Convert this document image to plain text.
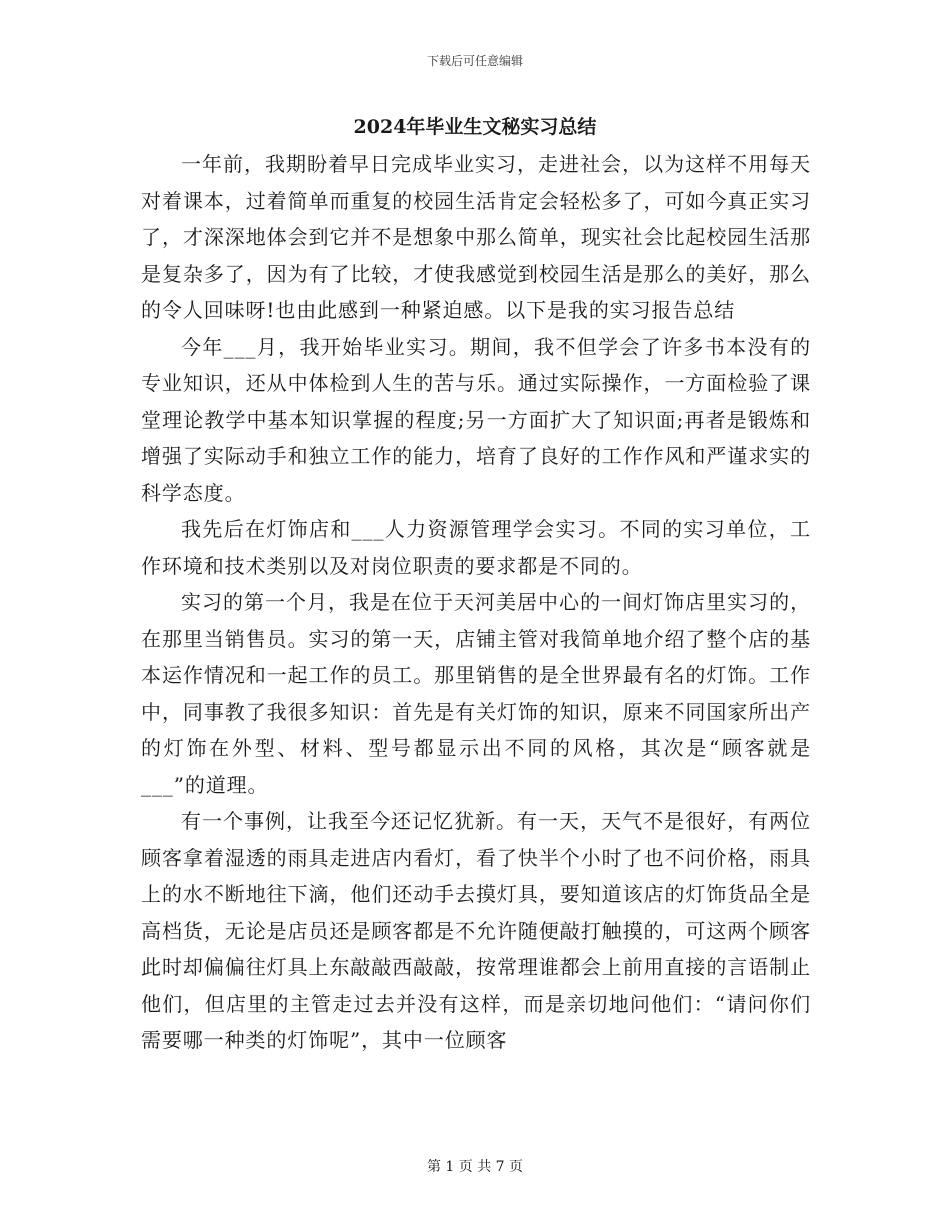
下载后可任意编辑
2024年毕业生文秘实习总结

一年前，我期盼着早日完成毕业实习，走进社会，以为这样不用每天对着课本，过着简单而重复的校园生活肯定会轻松多了，可如今真正实习了，才深深地体会到它并不是想象中那么简单，现实社会比起校园生活那是复杂多了，因为有了比较，才使我感觉到校园生活是那么的美好，那么的令人回味呀!也由此感到一种紧迫感。以下是我的实习报告总结

今年___月，我开始毕业实习。期间，我不但学会了许多书本没有的专业知识，还从中体检到人生的苦与乐。通过实际操作，一方面检验了课堂理论教学中基本知识掌握的程度;另一方面扩大了知识面;再者是锻炼和增强了实际动手和独立工作的能力，培育了良好的工作作风和严谨求实的科学态度。

我先后在灯饰店和___人力资源管理学会实习。不同的实习单位，工作环境和技术类别以及对岗位职责的要求都是不同的。

实习的第一个月，我是在位于天河美居中心的一间灯饰店里实习的，在那里当销售员。实习的第一天，店铺主管对我简单地介绍了整个店的基本运作情况和一起工作的员工。那里销售的是全世界最有名的灯饰。工作中，同事教了我很多知识：首先是有关灯饰的知识，原来不同国家所出产的灯饰在外型、材料、型号都显示出不同的风格，其次是“顾客就是___”的道理。

有一个事例，让我至今还记忆犹新。有一天，天气不是很好，有两位顾客拿着湿透的雨具走进店内看灯，看了快半个小时了也不问价格，雨具上的水不断地往下滴，他们还动手去摸灯具，要知道该店的灯饰货品全是高档货，无论是店员还是顾客都是不允许随便敲打触摸的，可这两个顾客此时却偏偏往灯具上东敲敲西敲敲，按常理谁都会上前用直接的言语制止他们，但店里的主管走过去并没有这样，而是亲切地问他们：“请问你们需要哪一种类的灯饰呢”，其中一位顾客

第 1 页 共 7 页
